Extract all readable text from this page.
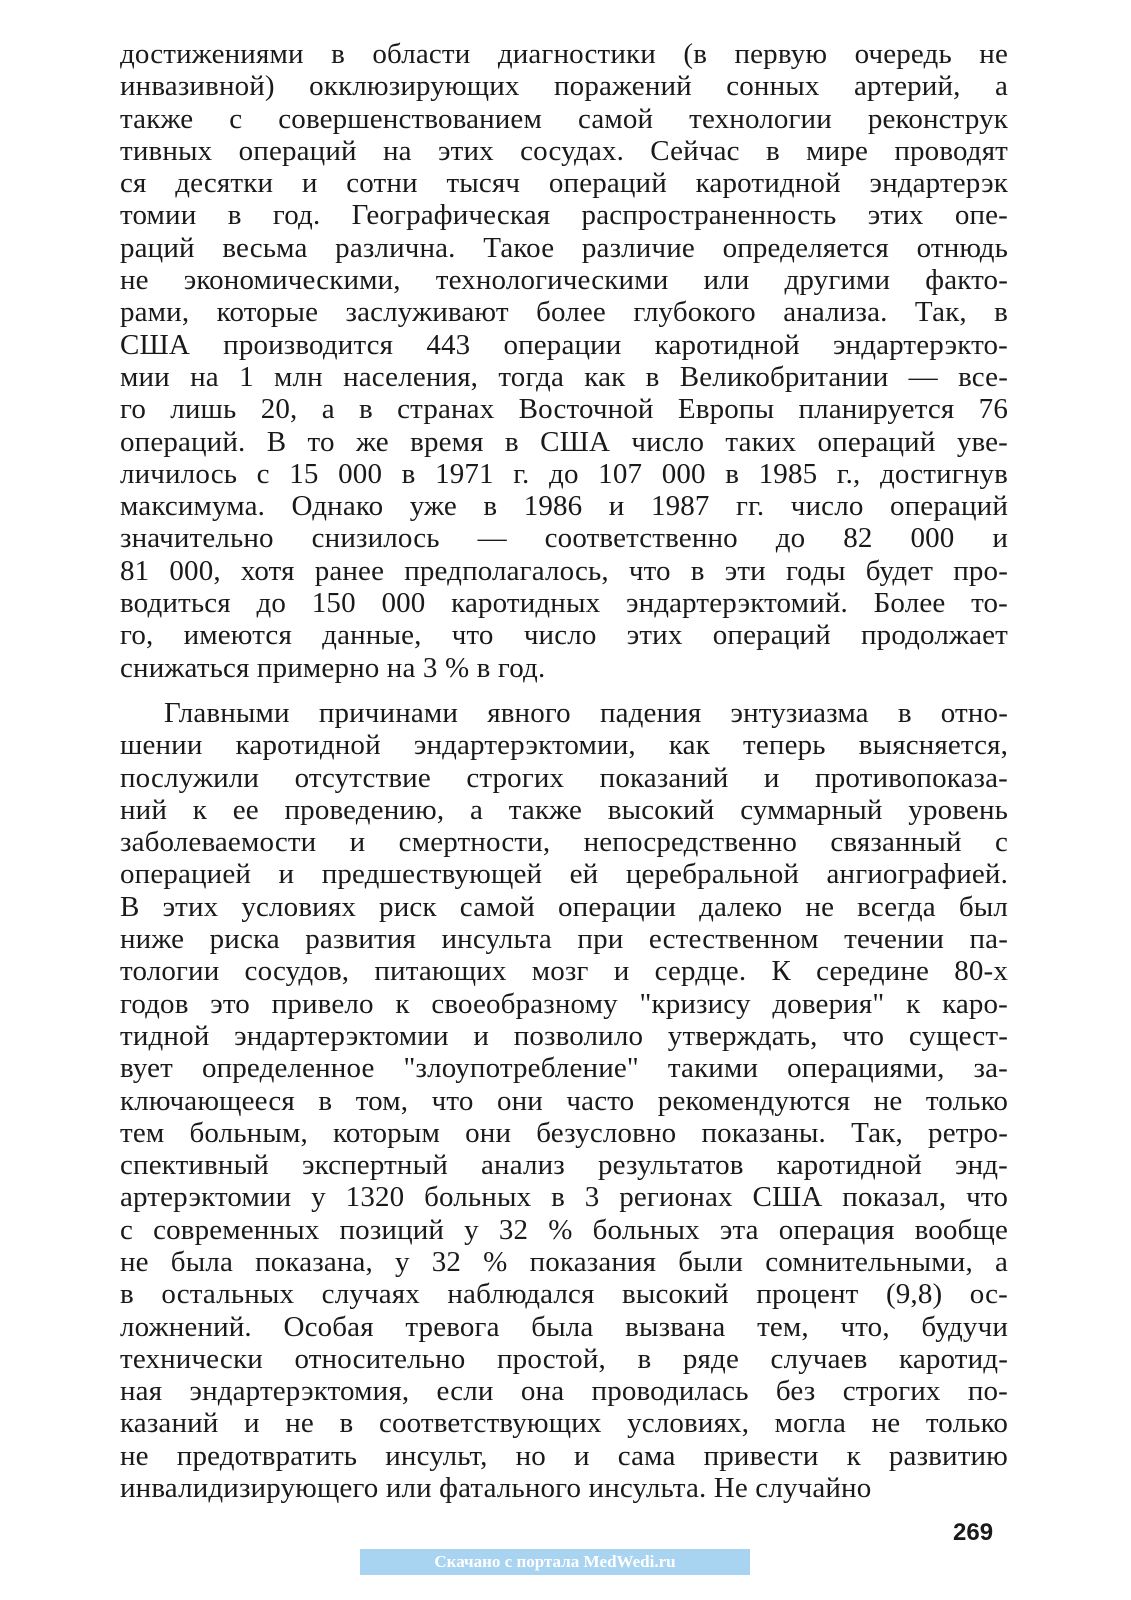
достижениями в области диагностики (в первую очередь не
инвазивной) окклюзирующих поражений сонных артерий, а
также с совершенствованием самой технологии реконструк
тивных операций на этих сосудах. Сейчас в мире проводят
ся десятки и сотни тысяч операций каротидной эндартерэк
томии в год. Географическая распространенность этих опе-
раций весьма различна. Такое различие определяется отнюдь
не экономическими, технологическими или другими факто-
рами, которые заслуживают более глубокого анализа. Так, в
США производится 443 операции каротидной эндартерэкто-
мии на 1 млн населения, тогда как в Великобритании — все-
го лишь 20, а в странах Восточной Европы планируется 76
операций. В то же время в США число таких операций уве-
личилось с 15 000 в 1971 г. до 107 000 в 1985 г., достигнув
максимума. Однако уже в 1986 и 1987 гг. число операций
значительно снизилось — соответственно до 82 000 и
81 000, хотя ранее предполагалось, что в эти годы будет про-
водиться до 150 000 каротидных эндартерэктомий. Более то-
го, имеются данные, что число этих операций продолжает
снижаться примерно на 3 % в год.
Главными причинами явного падения энтузиазма в отно-
шении каротидной эндартерэктомии, как теперь выясняется,
послужили отсутствие строгих показаний и противопоказа-
ний к ее проведению, а также высокий суммарный уровень
заболеваемости и смертности, непосредственно связанный с
операцией и предшествующей ей церебральной ангиографией.
В этих условиях риск самой операции далеко не всегда был
ниже риска развития инсульта при естественном течении па-
тологии сосудов, питающих мозг и сердце. К середине 80-х
годов это привело к своеобразному "кризису доверия" к каро-
тидной эндартерэктомии и позволило утверждать, что сущест-
вует определенное "злоупотребление" такими операциями, за-
ключающееся в том, что они часто рекомендуются не только
тем больным, которым они безусловно показаны. Так, ретро-
спективный экспертный анализ результатов каротидной энд-
артерэктомии у 1320 больных в 3 регионах США показал, что
с современных позиций у 32 % больных эта операция вообще
не была показана, у 32 % показания были сомнительными, а
в остальных случаях наблюдался высокий процент (9,8) ос-
ложнений. Особая тревога была вызвана тем, что, будучи
технически относительно простой, в ряде случаев каротид-
ная эндартерэктомия, если она проводилась без строгих по-
казаний и не в соответствующих условиях, могла не только
не предотвратить инсульт, но и сама привести к развитию
инвалидизирующего или фатального инсульта. Не случайно
269
Скачано с портала MedWedi.ru
